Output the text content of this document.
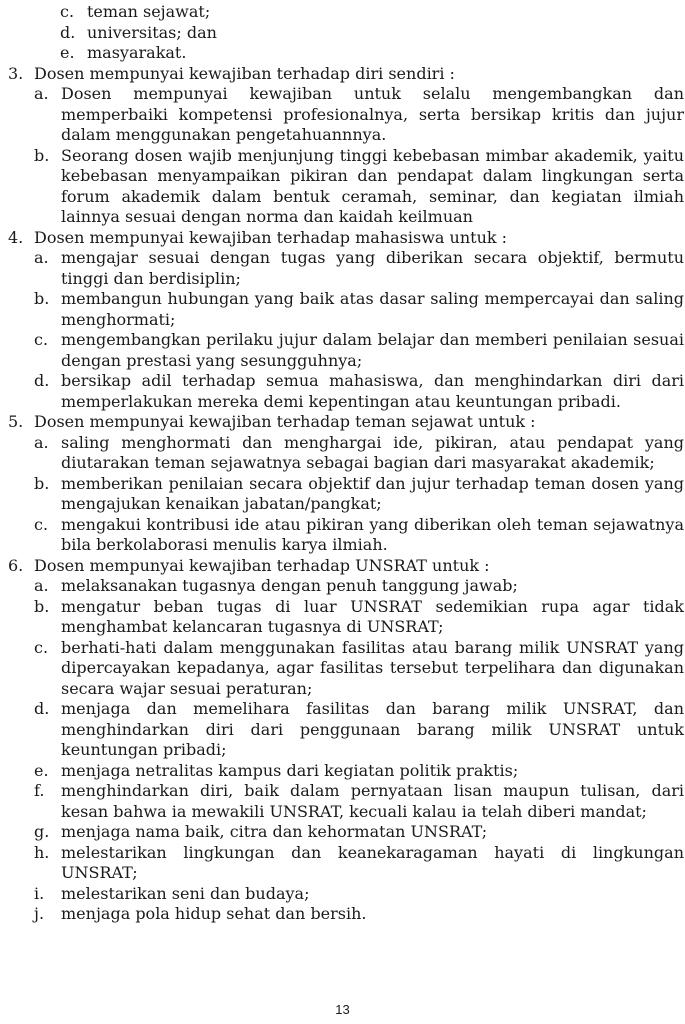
c. teman sejawat;
d. universitas; dan
e. masyarakat.
3. Dosen mempunyai kewajiban terhadap diri sendiri :
a. Dosen mempunyai kewajiban untuk selalu mengembangkan dan memperbaiki kompetensi profesionalnya, serta bersikap kritis dan jujur dalam menggunakan pengetahuannnya.
b. Seorang dosen wajib menjunjung tinggi kebebasan mimbar akademik, yaitu kebebasan menyampaikan pikiran dan pendapat dalam lingkungan serta forum akademik dalam bentuk ceramah, seminar, dan kegiatan ilmiah lainnya sesuai dengan norma dan kaidah keilmuan
4. Dosen mempunyai kewajiban terhadap mahasiswa untuk :
a. mengajar sesuai dengan tugas yang diberikan secara objektif, bermutu tinggi dan berdisiplin;
b. membangun hubungan yang baik atas dasar saling mempercayai dan saling menghormati;
c. mengembangkan perilaku jujur dalam belajar dan memberi penilaian sesuai dengan prestasi yang sesungguhnya;
d. bersikap adil terhadap semua mahasiswa, dan menghindarkan diri dari memperlakukan mereka demi kepentingan atau keuntungan pribadi.
5. Dosen mempunyai kewajiban terhadap teman sejawat untuk :
a. saling menghormati dan menghargai ide, pikiran, atau pendapat yang diutarakan teman sejawatnya sebagai bagian dari masyarakat akademik;
b. memberikan penilaian secara objektif dan jujur terhadap teman dosen yang mengajukan kenaikan jabatan/pangkat;
c. mengakui kontribusi ide atau pikiran yang diberikan oleh teman sejawatnya bila berkolaborasi menulis karya ilmiah.
6. Dosen mempunyai kewajiban terhadap UNSRAT untuk :
a. melaksanakan tugasnya dengan penuh tanggung jawab;
b. mengatur beban tugas di luar UNSRAT sedemikian rupa agar tidak menghambat kelancaran tugasnya di UNSRAT;
c. berhati-hati dalam menggunakan fasilitas atau barang milik UNSRAT yang dipercayakan kepadanya, agar fasilitas tersebut terpelihara dan digunakan secara wajar sesuai peraturan;
d. menjaga dan memelihara fasilitas dan barang milik UNSRAT, dan menghindarkan diri dari penggunaan barang milik UNSRAT untuk keuntungan pribadi;
e. menjaga netralitas kampus dari kegiatan politik praktis;
f. menghindarkan diri, baik dalam pernyataan lisan maupun tulisan, dari kesan bahwa ia mewakili UNSRAT, kecuali kalau ia telah diberi mandat;
g. menjaga nama baik, citra dan kehormatan UNSRAT;
h. melestarikan lingkungan dan keanekaragaman hayati di lingkungan UNSRAT;
i. melestarikan seni dan budaya;
j. menjaga pola hidup sehat dan bersih.
13
